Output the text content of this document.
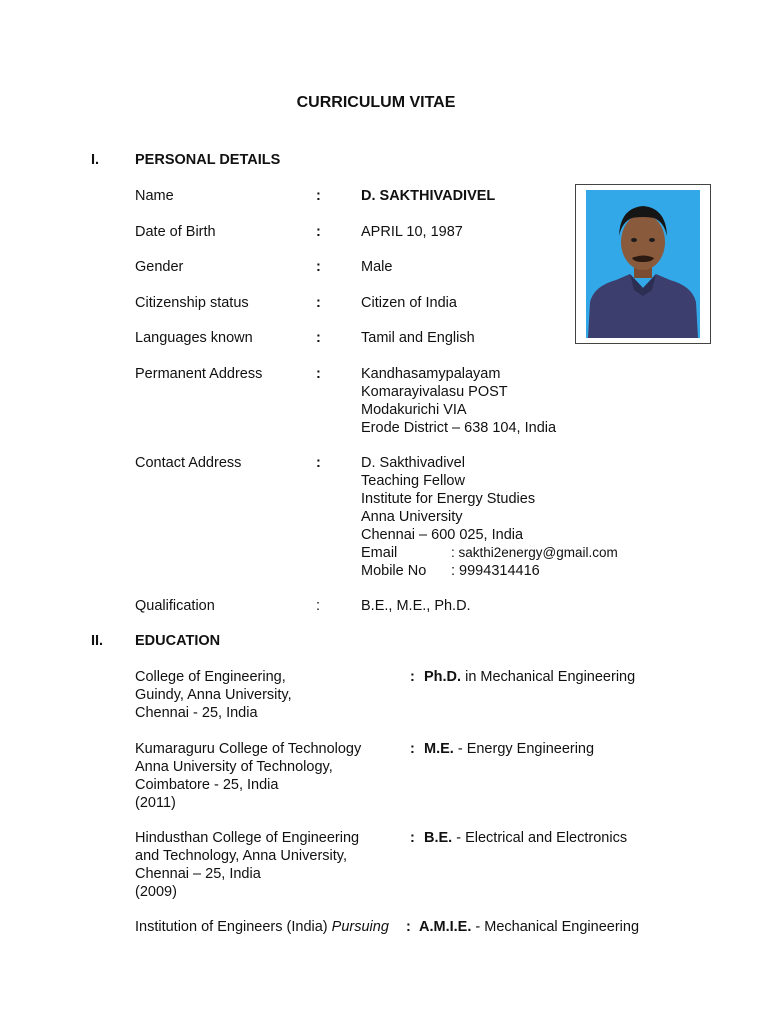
CURRICULUM VITAE
I. PERSONAL DETAILS
Name	:	D. SAKTHIVADIVEL
Date of Birth	:	APRIL 10, 1987
Gender	:	Male
Citizenship status	:	Citizen of India
Languages known	:	Tamil and English
Permanent Address	:	Kandhasamypalayam
Komarayivalasu POST
Modakurichi VIA
Erode District – 638 104, India
Contact Address	:	D. Sakthivadivel
Teaching Fellow
Institute for Energy Studies
Anna University
Chennai – 600 025, India
Email	: sakthi2energy@gmail.com
Mobile No : 9994314416
Qualification	:	B.E., M.E., Ph.D.
II. EDUCATION
College of Engineering,
Guindy, Anna University,
Chennai - 25, India
: Ph.D. in Mechanical Engineering
Kumaraguru College of Technology
Anna University of Technology,
Coimbatore - 25, India
(2011)
: M.E. - Energy Engineering
Hindusthan College of Engineering
and Technology, Anna University,
Chennai – 25, India
(2009)
: B.E. - Electrical and Electronics
Institution of Engineers (India) Pursuing : A.M.I.E. - Mechanical Engineering
